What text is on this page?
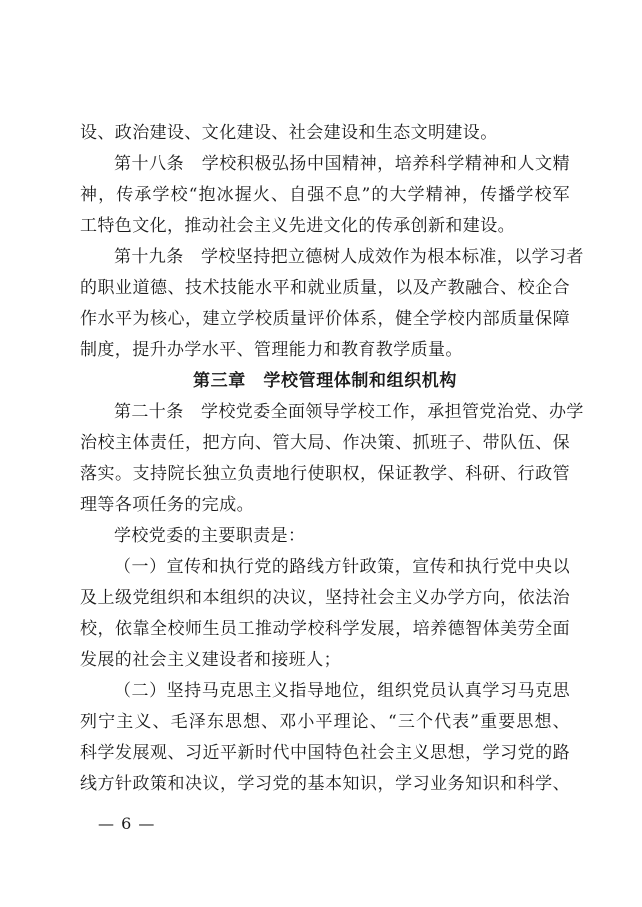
设、政治建设、文化建设、社会建设和生态文明建设。
第十八条　学校积极弘扬中国精神，培养科学精神和人文精
神，传承学校“抱冰握火、自强不息”的大学精神，传播学校军
工特色文化，推动社会主义先进文化的传承创新和建设。
第十九条　学校坚持把立德树人成效作为根本标准，以学习者
的职业道德、技术技能水平和就业质量，以及产教融合、校企合
作水平为核心，建立学校质量评价体系，健全学校内部质量保障
制度，提升办学水平、管理能力和教育教学质量。
第三章　学校管理体制和组织机构
第二十条　学校党委全面领导学校工作，承担管党治党、办学
治校主体责任，把方向、管大局、作决策、抓班子、带队伍、保
落实。支持院长独立负责地行使职权，保证教学、科研、行政管
理等各项任务的完成。
学校党委的主要职责是：
（一）宣传和执行党的路线方针政策，宣传和执行党中央以
及上级党组织和本组织的决议，坚持社会主义办学方向，依法治
校，依靠全校师生员工推动学校科学发展，培养德智体美劳全面
发展的社会主义建设者和接班人；
（二）坚持马克思主义指导地位，组织党员认真学习马克思
列宁主义、毛泽东思想、邓小平理论、“三个代表”重要思想、
科学发展观、习近平新时代中国特色社会主义思想，学习党的路
线方针政策和决议，学习党的基本知识，学习业务知识和科学、
— 6 —
